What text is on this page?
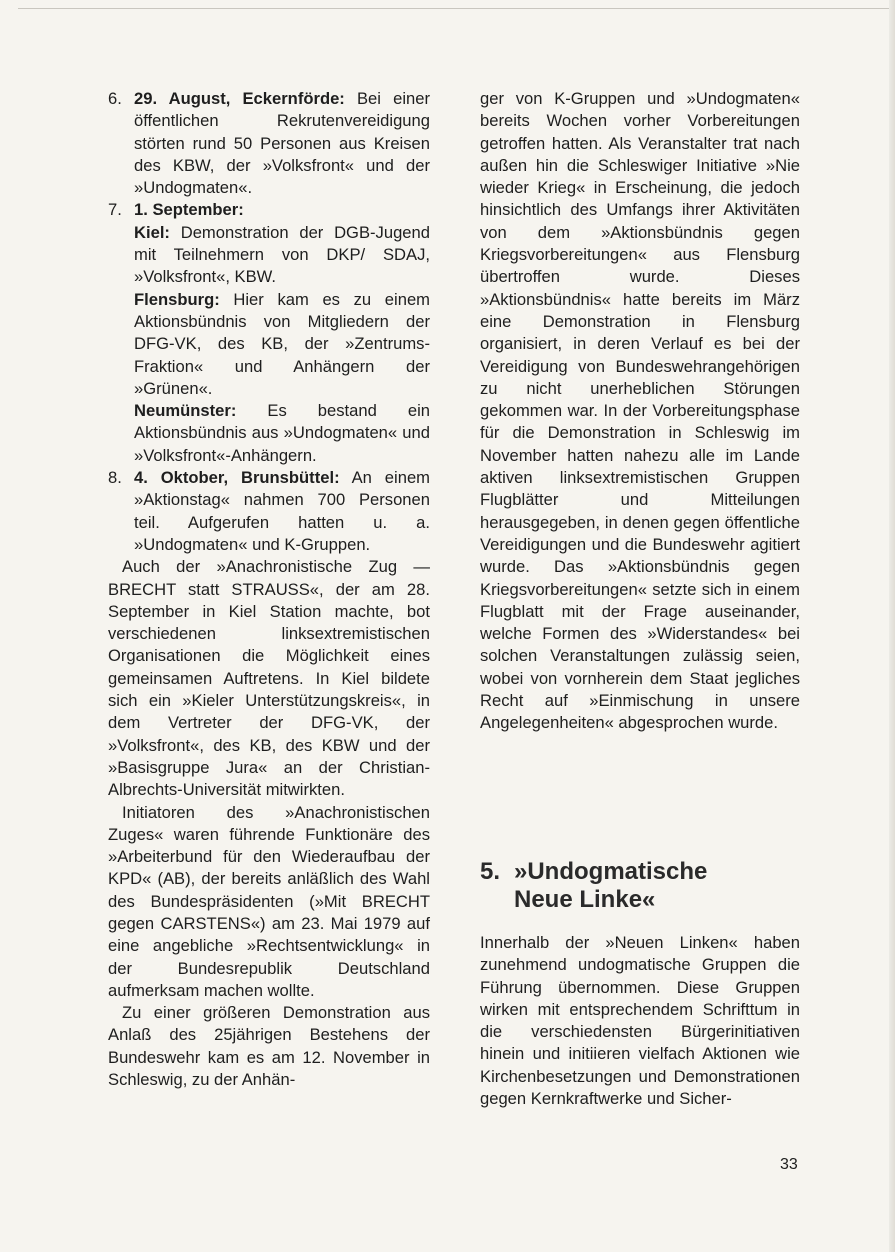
6. 29. August, Eckernförde: Bei einer öffentlichen Rekrutenvereidigung störten rund 50 Personen aus Kreisen des KBW, der »Volksfront« und der »Undogmaten«.

7. 1. September:

Kiel: Demonstration der DGB-Jugend mit Teilnehmern von DKP/ SDAJ, »Volksfront«, KBW.

Flensburg: Hier kam es zu einem Aktionsbündnis von Mitgliedern der DFG-VK, des KB, der »Zentrums-Fraktion« und Anhängern der »Grünen«.

Neumünster: Es bestand ein Aktionsbündnis aus »Undogmaten« und »Volksfront«-Anhängern.

8. 4. Oktober, Brunsbüttel: An einem »Aktionstag« nahmen 700 Personen teil. Aufgerufen hatten u. a. »Undogmaten« und K-Gruppen.

Auch der »Anachronistische Zug — BRECHT statt STRAUSS«, der am 28. September in Kiel Station machte, bot verschiedenen linksextremistischen Organisationen die Möglichkeit eines gemeinsamen Auftretens. In Kiel bildete sich ein »Kieler Unterstützungskreis«, in dem Vertreter der DFG-VK, der »Volksfront«, des KB, des KBW und der »Basisgruppe Jura« an der Christian-Albrechts-Universität mitwirkten.

Initiatoren des »Anachronistischen Zuges« waren führende Funktionäre des »Arbeiterbund für den Wiederaufbau der KPD« (AB), der bereits anläßlich des Wahl des Bundespräsidenten (»Mit BRECHT gegen CARSTENS«) am 23. Mai 1979 auf eine angebliche »Rechtsentwicklung« in der Bundesrepublik Deutschland aufmerksam machen wollte.

Zu einer größeren Demonstration aus Anlaß des 25jährigen Bestehens der Bundeswehr kam es am 12. November in Schleswig, zu der Anhän-

ger von K-Gruppen und »Undogmaten« bereits Wochen vorher Vorbereitungen getroffen hatten. Als Veranstalter trat nach außen hin die Schleswiger Initiative »Nie wieder Krieg« in Erscheinung, die jedoch hinsichtlich des Umfangs ihrer Aktivitäten von dem »Aktionsbündnis gegen Kriegsvorbereitungen« aus Flensburg übertroffen wurde. Dieses »Aktionsbündnis« hatte bereits im März eine Demonstration in Flensburg organisiert, in deren Verlauf es bei der Vereidigung von Bundeswehrangehörigen zu nicht unerheblichen Störungen gekommen war. In der Vorbereitungsphase für die Demonstration in Schleswig im November hatten nahezu alle im Lande aktiven linksextremistischen Gruppen Flugblätter und Mitteilungen herausgegeben, in denen gegen öffentliche Vereidigungen und die Bundeswehr agitiert wurde. Das »Aktionsbündnis gegen Kriegsvorbereitungen« setzte sich in einem Flugblatt mit der Frage auseinander, welche Formen des »Widerstandes« bei solchen Veranstaltungen zulässig seien, wobei von vornherein dem Staat jegliches Recht auf »Einmischung in unsere Angelegenheiten« abgesprochen wurde.

5. »Undogmatische
Neue Linke«

Innerhalb der »Neuen Linken« haben zunehmend undogmatische Gruppen die Führung übernommen. Diese Gruppen wirken mit entsprechendem Schrifttum in die verschiedensten Bürgerinitiativen hinein und initiieren vielfach Aktionen wie Kirchenbesetzungen und Demonstrationen gegen Kernkraftwerke und Sicher-

33
